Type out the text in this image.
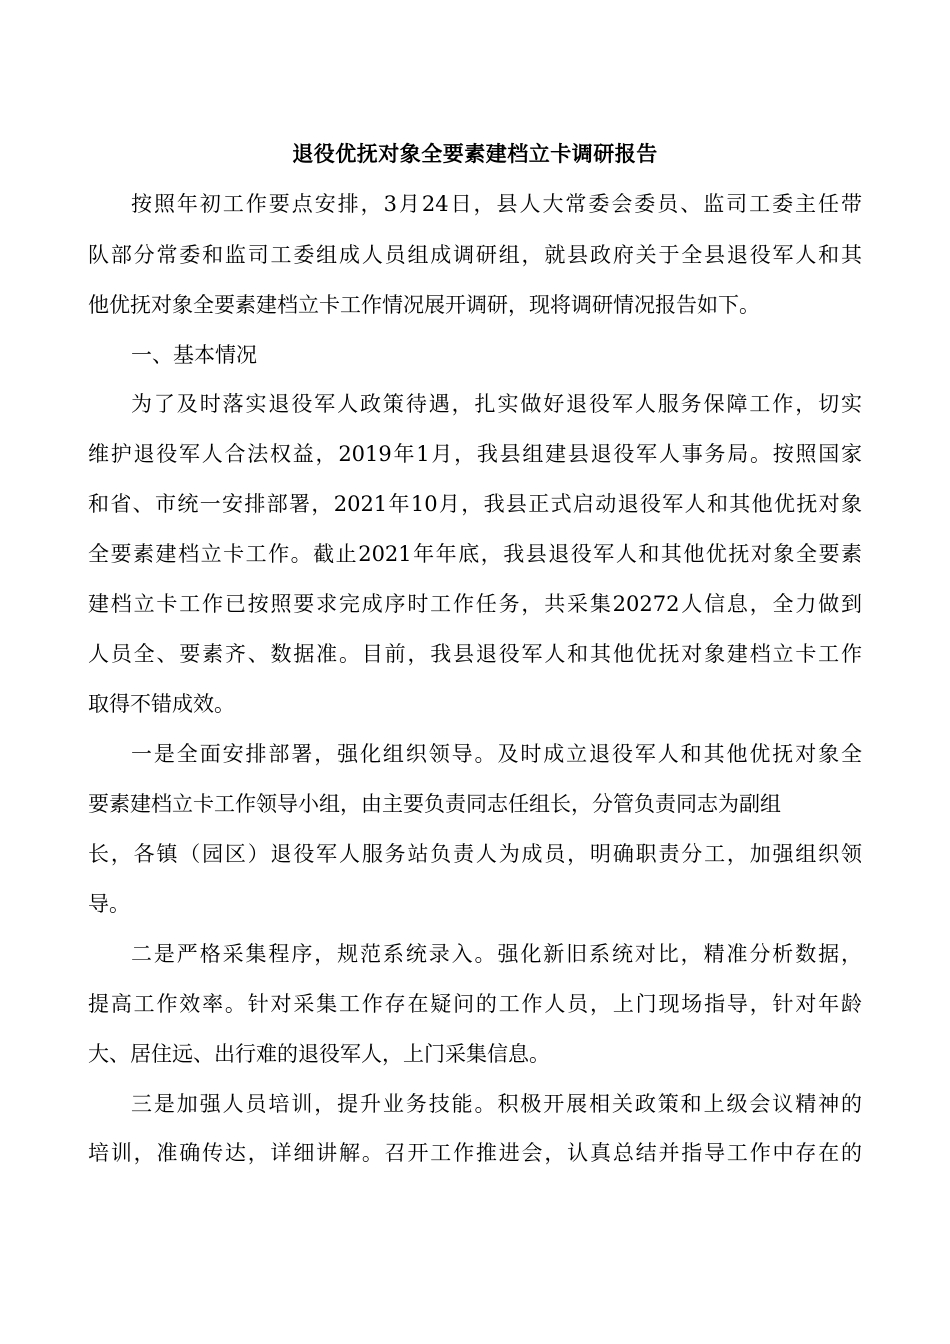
退役优抚对象全要素建档立卡调研报告
按照年初工作要点安排，3月24日，县人大常委会委员、监司工委主任带
队部分常委和监司工委组成人员组成调研组，就县政府关于全县退役军人和其
他优抚对象全要素建档立卡工作情况展开调研，现将调研情况报告如下。
一、基本情况
为了及时落实退役军人政策待遇，扎实做好退役军人服务保障工作，切实
维护退役军人合法权益，2019年1月，我县组建县退役军人事务局。按照国家
和省、市统一安排部署，2021年10月，我县正式启动退役军人和其他优抚对象
全要素建档立卡工作。截止2021年年底，我县退役军人和其他优抚对象全要素
建档立卡工作已按照要求完成序时工作任务，共采集20272人信息，全力做到
人员全、要素齐、数据准。目前，我县退役军人和其他优抚对象建档立卡工作
取得不错成效。
一是全面安排部署，强化组织领导。及时成立退役军人和其他优抚对象全
要素建档立卡工作领导小组，由主要负责同志任组长，分管负责同志为副组
长，各镇（园区）退役军人服务站负责人为成员，明确职责分工，加强组织领
导。
二是严格采集程序，规范系统录入。强化新旧系统对比，精准分析数据，
提高工作效率。针对采集工作存在疑问的工作人员，上门现场指导，针对年龄
大、居住远、出行难的退役军人，上门采集信息。
三是加强人员培训，提升业务技能。积极开展相关政策和上级会议精神的
培训，准确传达，详细讲解。召开工作推进会，认真总结并指导工作中存在的
